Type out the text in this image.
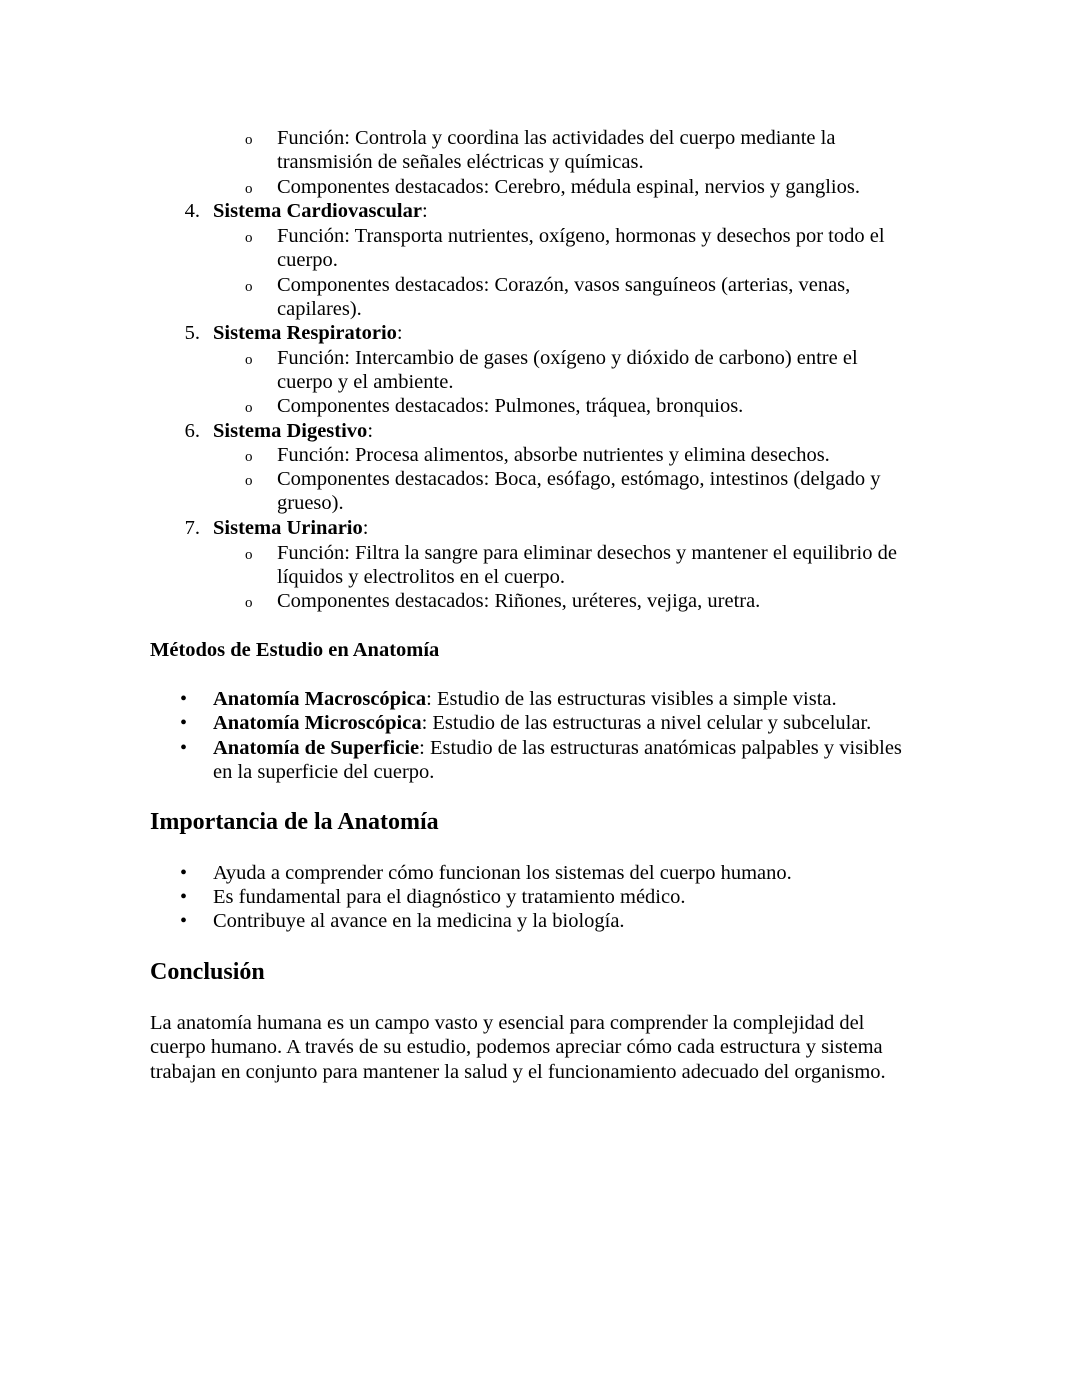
o Función: Controla y coordina las actividades del cuerpo mediante la
transmisión de señales eléctricas y químicas.
o Componentes destacados: Cerebro, médula espinal, nervios y ganglios.
4. Sistema Cardiovascular:
o Función: Transporta nutrientes, oxígeno, hormonas y desechos por todo el
cuerpo.
o Componentes destacados: Corazón, vasos sanguíneos (arterias, venas,
capilares).
5. Sistema Respiratorio:
o Función: Intercambio de gases (oxígeno y dióxido de carbono) entre el
cuerpo y el ambiente.
o Componentes destacados: Pulmones, tráquea, bronquios.
6. Sistema Digestivo:
o Función: Procesa alimentos, absorbe nutrientes y elimina desechos.
o Componentes destacados: Boca, esófago, estómago, intestinos (delgado y
grueso).
7. Sistema Urinario:
o Función: Filtra la sangre para eliminar desechos y mantener el equilibrio de
líquidos y electrolitos en el cuerpo.
o Componentes destacados: Riñones, uréteres, vejiga, uretra.
Métodos de Estudio en Anatomía
• Anatomía Macroscópica: Estudio de las estructuras visibles a simple vista.
• Anatomía Microscópica: Estudio de las estructuras a nivel celular y subcelular.
• Anatomía de Superficie: Estudio de las estructuras anatómicas palpables y visibles
en la superficie del cuerpo.
Importancia de la Anatomía
• Ayuda a comprender cómo funcionan los sistemas del cuerpo humano.
• Es fundamental para el diagnóstico y tratamiento médico.
• Contribuye al avance en la medicina y la biología.
Conclusión
La anatomía humana es un campo vasto y esencial para comprender la complejidad del
cuerpo humano. A través de su estudio, podemos apreciar cómo cada estructura y sistema
trabajan en conjunto para mantener la salud y el funcionamiento adecuado del organismo.
